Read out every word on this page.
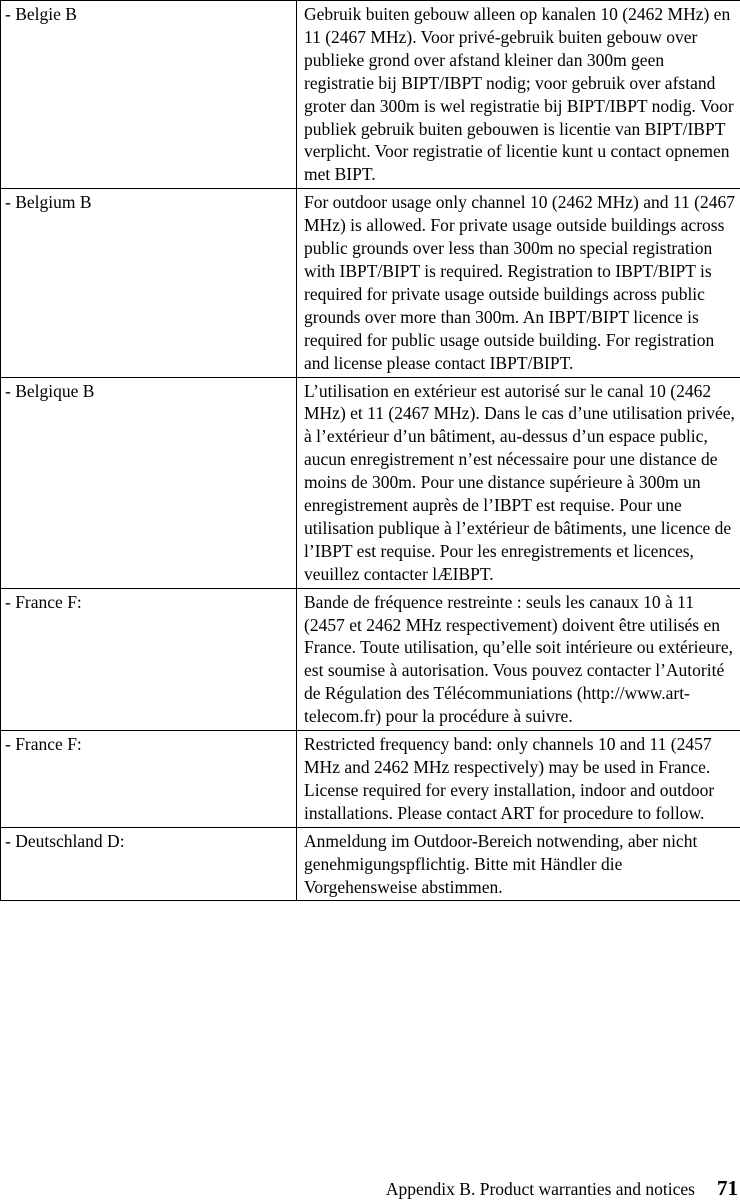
- Belgie B	Gebruik buiten gebouw alleen op kanalen 10 (2462 MHz) en 11 (2467 MHz). Voor privé-gebruik buiten gebouw over publieke grond over afstand kleiner dan 300m geen registratie bij BIPT/IBPT nodig; voor gebruik over afstand groter dan 300m is wel registratie bij BIPT/IBPT nodig. Voor publiek gebruik buiten gebouwen is licentie van BIPT/IBPT verplicht. Voor registratie of licentie kunt u contact opnemen met BIPT.
- Belgium B	For outdoor usage only channel 10 (2462 MHz) and 11 (2467 MHz) is allowed. For private usage outside buildings across public grounds over less than 300m no special registration with IBPT/BIPT is required. Registration to IBPT/BIPT is required for private usage outside buildings across public grounds over more than 300m. An IBPT/BIPT licence is required for public usage outside building. For registration and license please contact IBPT/BIPT.
- Belgique B	L’utilisation en extérieur est autorisé sur le canal 10 (2462 MHz) et 11 (2467 MHz). Dans le cas d’une utilisation privée, à l’extérieur d’un bâtiment, au-dessus d’un espace public, aucun enregistrement n’est nécessaire pour une distance de moins de 300m. Pour une distance supérieure à 300m un enregistrement auprès de l’IBPT est requise. Pour une utilisation publique à l’extérieur de bâtiments, une licence de l’IBPT est requise. Pour les enregistrements et licences, veuillez contacter lÆIBPT.
- France F:	Bande de fréquence restreinte : seuls les canaux 10 à 11 (2457 et 2462 MHz respectivement) doivent être utilisés en France. Toute utilisation, qu’elle soit intérieure ou extérieure, est soumise à autorisation. Vous pouvez contacter l’Autorité de Régulation des Télécommuniations (http://www.art-telecom.fr) pour la procédure à suivre.
- France F:	Restricted frequency band: only channels 10 and 11 (2457 MHz and 2462 MHz respectively) may be used in France. License required for every installation, indoor and outdoor installations. Please contact ART for procedure to follow.
- Deutschland D:	Anmeldung im Outdoor-Bereich notwending, aber nicht genehmigungspflichtig. Bitte mit Händler die Vorgehensweise abstimmen.
Appendix B. Product warranties and notices 71
